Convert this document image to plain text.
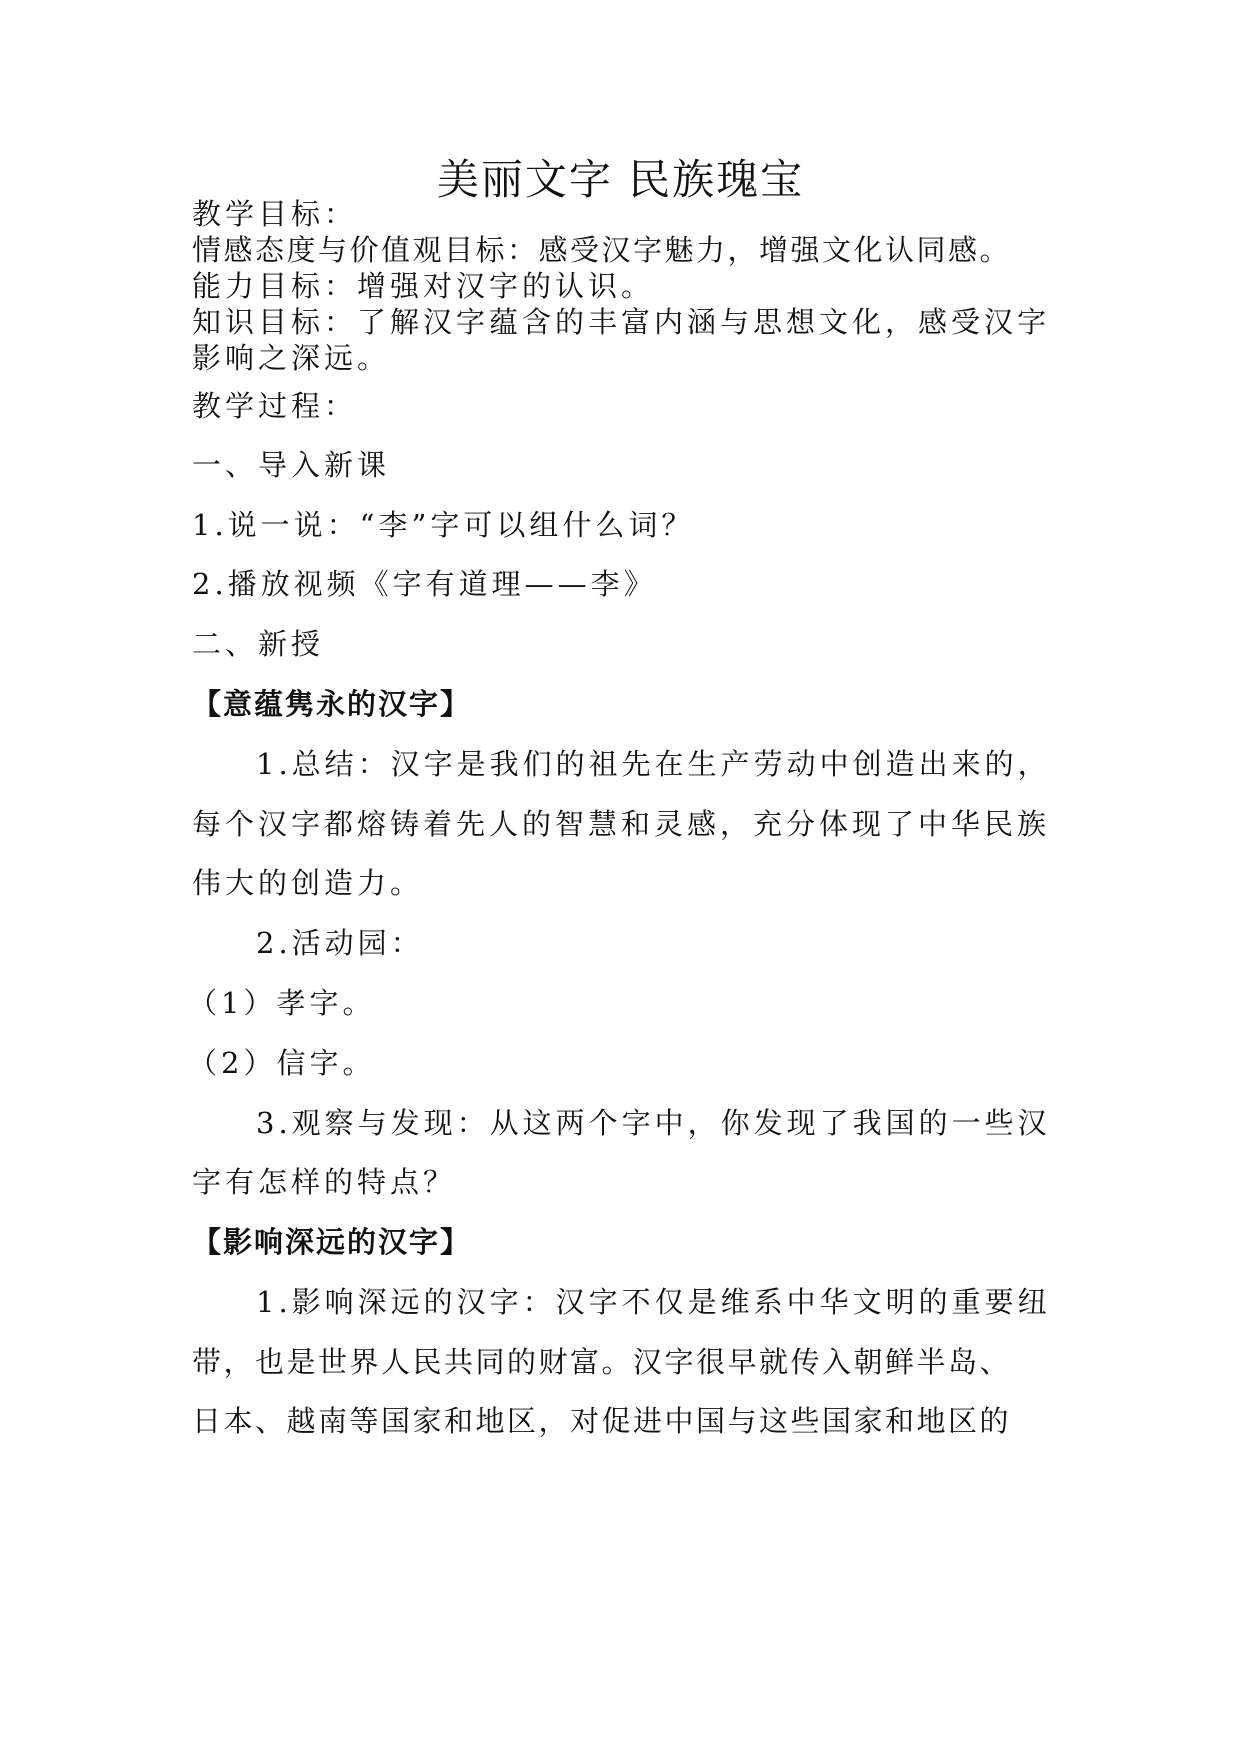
美丽文字 民族瑰宝
教学目标：
情感态度与价值观目标：感受汉字魅力，增强文化认同感。
能力目标：增强对汉字的认识。
知识目标：了解汉字蕴含的丰富内涵与思想文化，感受汉字
影响之深远。
教学过程：
一、导入新课
1.说一说：“李”字可以组什么词？
2.播放视频《字有道理——李》
二、新授
【意蕴隽永的汉字】
1.总结：汉字是我们的祖先在生产劳动中创造出来的，
每个汉字都熔铸着先人的智慧和灵感，充分体现了中华民族
伟大的创造力。
2.活动园：
（1）孝字。
（2）信字。
3.观察与发现：从这两个字中，你发现了我国的一些汉
字有怎样的特点？
【影响深远的汉字】
1.影响深远的汉字：汉字不仅是维系中华文明的重要纽
带，也是世界人民共同的财富。汉字很早就传入朝鲜半岛、
日本、越南等国家和地区，对促进中国与这些国家和地区的
